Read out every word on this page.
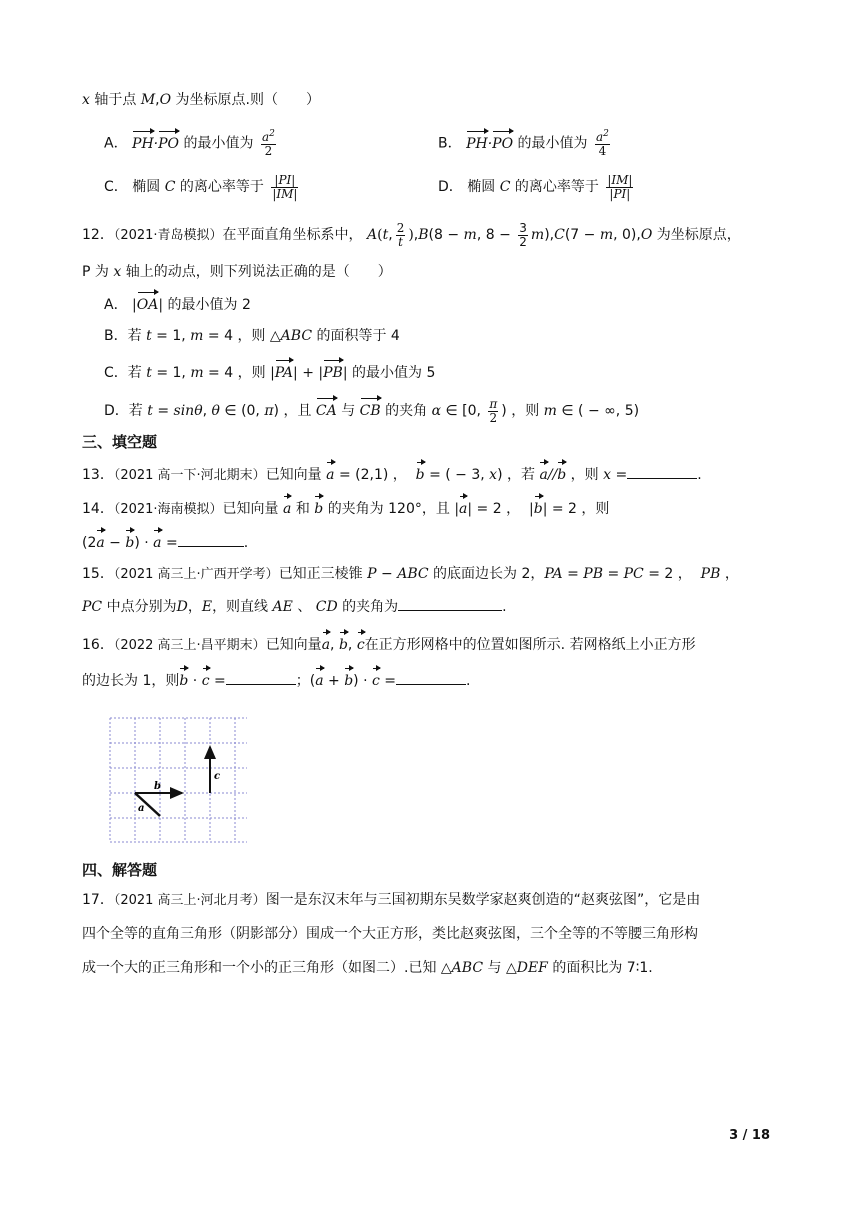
x 轴于点 M,O 为坐标原点.则（　　）
A． PH·PO 的最小值为 $\frac{a^2}{2}$	B． PH·PO 的最小值为 $\frac{a^2}{4}$
C． 椭圆 C 的离心率等于 $\frac{|PI|}{|IM|}$	D． 椭圆 C 的离心率等于 $\frac{|IM|}{|PI|}$
12．（2021·青岛模拟）在平面直角坐标系中， A(t, $\frac{2}{t} ),B(8 - m$, $8 - \frac{3}{2} m),C(7 - m$, 0),O 为坐标原点，
P 为 x 轴上的动点，则下列说法正确的是（　　）
A． |OA| 的最小值为 2
B．若 t = 1, m = 4 ，则 △ABC 的面积等于 4
C．若 t = 1, m = 4 ，则 |PA| + |PB| 的最小值为 5
D．若 t = sinθ, θ ∈ (0, π) ，且 CA 与 CB 的夹角 α ∈ [0, $\frac{\pi}{2}$ ) ，则 m ∈ ( − ∞, 5)
三、填空题
13．（2021 高一下·河北期末）已知向量 a = (2,1) ，  b = ( − 3, x) ，若 a//b ，则 x =	.
14．（2021·海南模拟）已知向量 a 和 b 的夹角为 120°，且 |a| = 2 ， |b| = 2 ，则
(2a − b) · a =	.
15．（2021 高三上·广西开学考）已知正三棱锥 P − ABC 的底面边长为 2，PA = PB = PC = 2 ，  PB ，
PC 中点分别为D，E，则直线 AE 、 CD 的夹角为	.
16．（2022 高三上·昌平期末）已知向量a, b, c在正方形网格中的位置如图所示. 若网格纸上小正方形
的边长为 1，则b · c =	；(a + b) · c =	.
b
a
c
四、解答题
17．（2021 高三上·河北月考）图一是东汉末年与三国初期东吴数学家赵爽创造的“赵爽弦图”，它是由
四个全等的直角三角形（阴影部分）围成一个大正方形，类比赵爽弦图，三个全等的不等腰三角形构
成一个大的正三角形和一个小的正三角形（如图二）.已知 △ABC 与 △DEF 的面积比为 7∶1.
3 / 18
